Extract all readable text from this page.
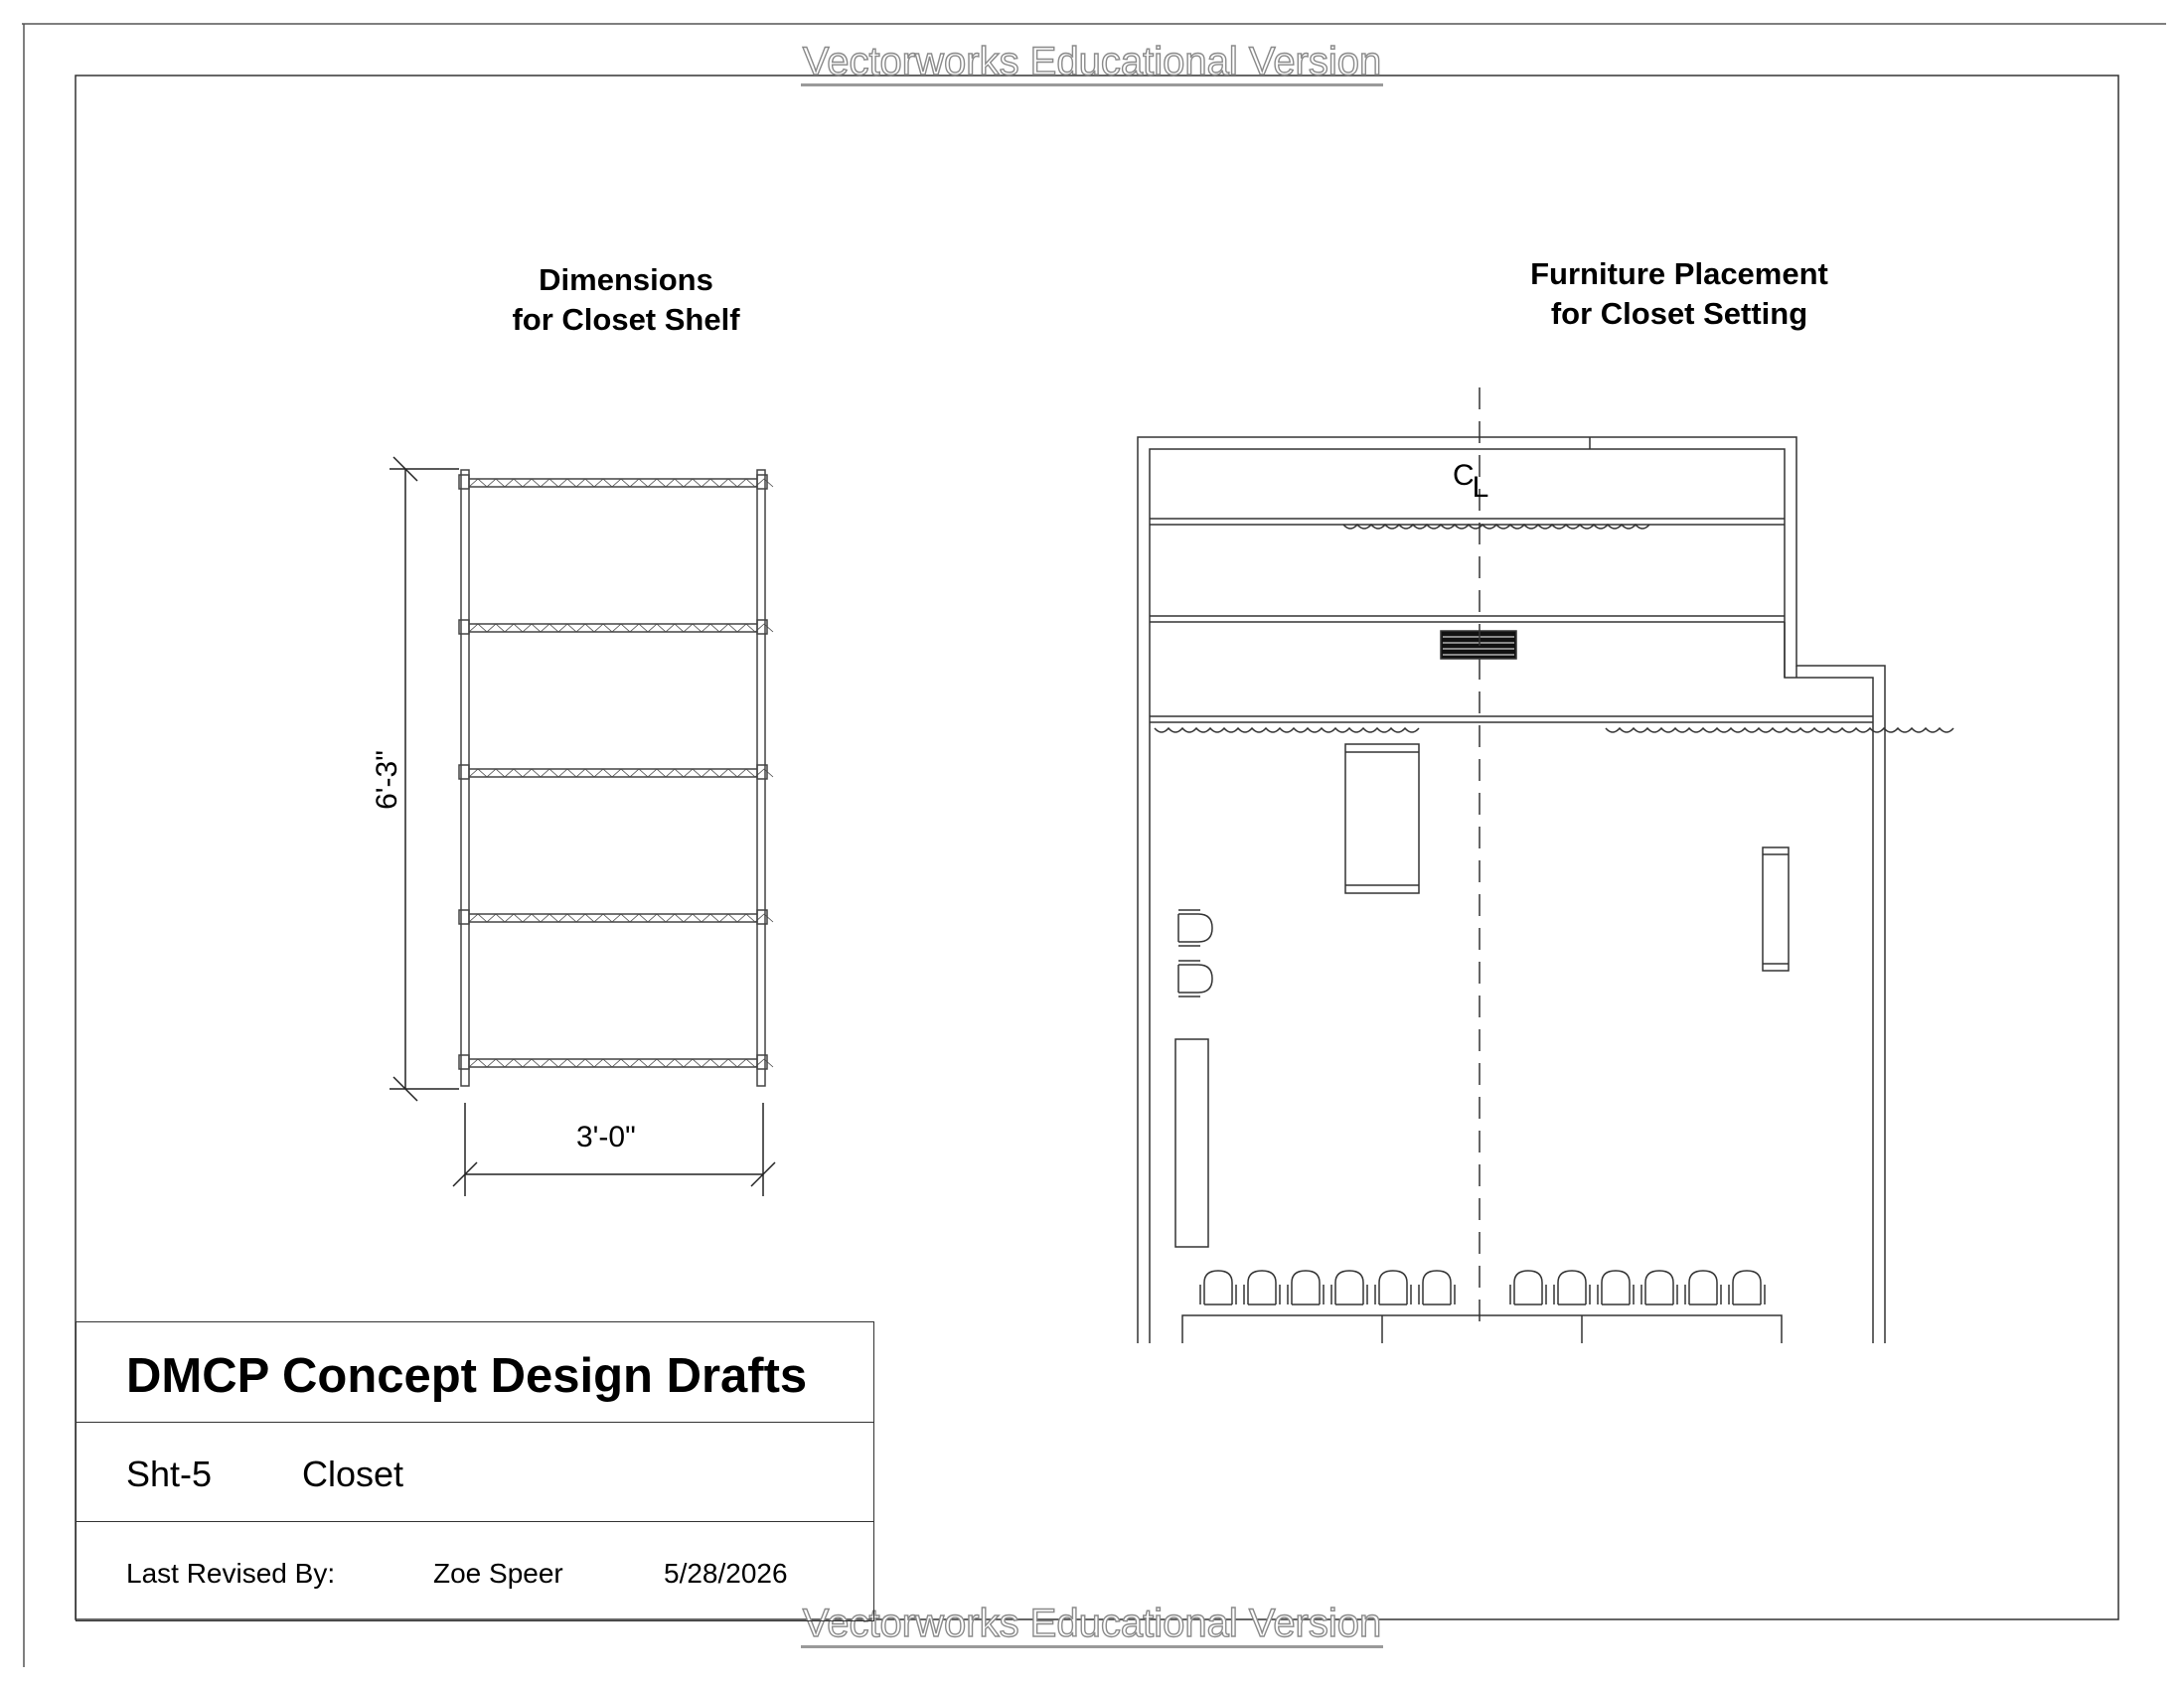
Vectorworks Educational Version
Vectorworks Educational Version
Dimensions
for Closet Shelf
Furniture Placement
for Closet Setting
3'-0"
6'-3"
CL
DMCP Concept Design Drafts
Sht-5	Closet
Last Revised By:	Zoe Speer	5/28/2026
